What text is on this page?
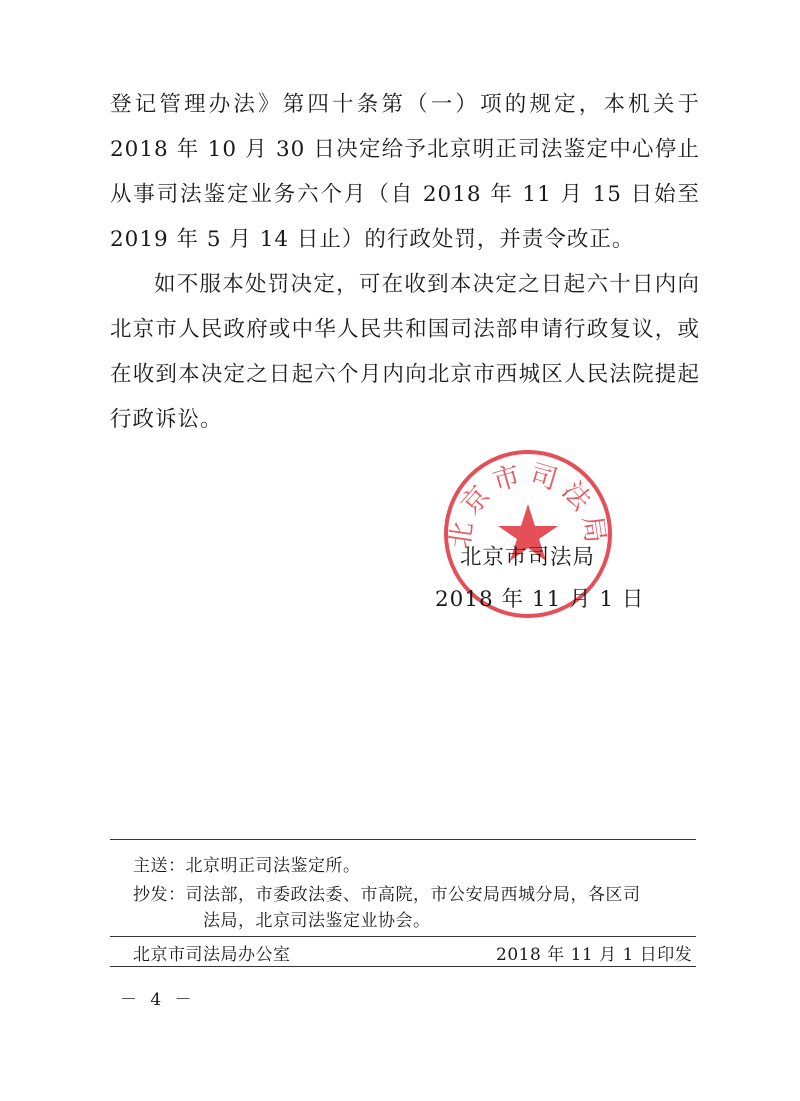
登记管理办法》第四十条第（一）项的规定，本机关于 2018 年 10 月 30 日决定给予北京明正司法鉴定中心停止从事司法鉴定业务六个月（自 2018 年 11 月 15 日始至 2019 年 5 月 14 日止）的行政处罚，并责令改正。

如不服本处罚决定，可在收到本决定之日起六十日内向北京市人民政府或中华人民共和国司法部申请行政复议，或在收到本决定之日起六个月内向北京市西城区人民法院提起行政诉讼。

北京市司法局
北京市司法局
2018 年 11 月 1 日
主送：北京明正司法鉴定所。
抄发：司法部，市委政法委、市高院，市公安局西城分局，各区司
法局，北京司法鉴定业协会。
北京市司法局办公室	2018 年 11 月 1 日印发
－ 4 －
